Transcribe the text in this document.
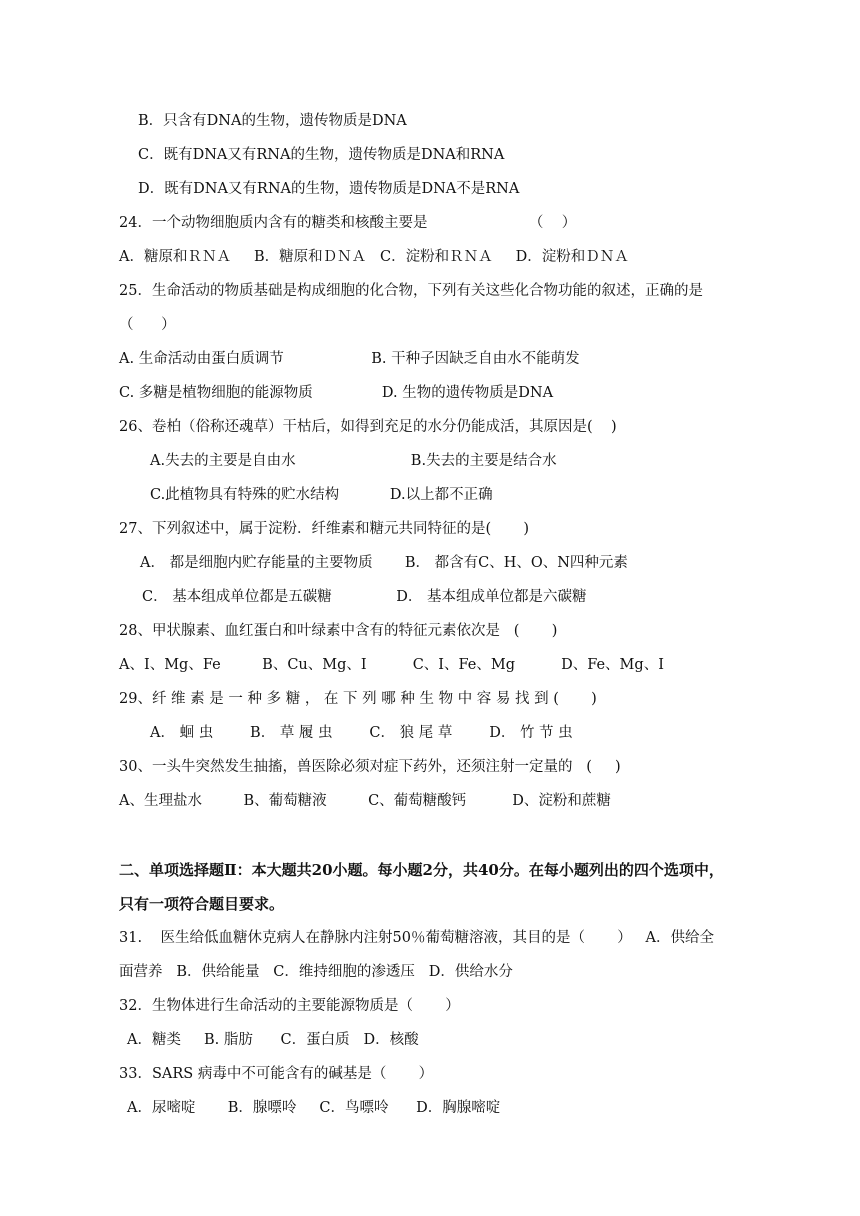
B．只含有DNA的生物，遗传物质是DNA
C．既有DNA又有RNA的生物，遗传物质是DNA和RNA
D．既有DNA又有RNA的生物，遗传物质是DNA不是RNA
24．一个动物细胞质内含有的糖类和核酸主要是                      （    ）
A．糖原和ＲＮＡ     B．糖原和ＤＮＡ   C．淀粉和ＲＮＡ     D．淀粉和ＤＮＡ
25．生命活动的物质基础是构成细胞的化合物，下列有关这些化合物功能的叙述，正确的是
（      ）
A. 生命活动由蛋白质调节                   B. 干种子因缺乏自由水不能萌发
C. 多糖是植物细胞的能源物质               D. 生物的遗传物质是DNA
26、卷柏（俗称还魂草）干枯后，如得到充足的水分仍能成活，其原因是(    )
A.失去的主要是自由水                         B.失去的主要是结合水
C.此植物具有特殊的贮水结构           D.以上都不正确
27、下列叙述中，属于淀粉．纤维素和糖元共同特征的是(       )
A． 都是细胞内贮存能量的主要物质       B． 都含有C、H、O、N四种元素
C． 基本组成单位都是五碳糖              D． 基本组成单位都是六碳糖
28、甲状腺素、血红蛋白和叶绿素中含有的特征元素依次是   (       )
A、I、Mg、Fe         B、Cu、Mg、I          C、I、Fe、Mg          D、Fe、Mg、I
29、纤 维 素 是 一 种 多 糖 ， 在 下 列 哪 种 生 物 中 容 易 找 到 (       )
A． 蛔 虫        B． 草 履 虫        C． 狼 尾 草        D． 竹 节 虫
30、一头牛突然发生抽搐，兽医除必须对症下药外，还须注射一定量的   (     )
A、生理盐水         B、葡萄糖液         C、葡萄糖酸钙          D、淀粉和蔗糖
二、单项选择题Ⅱ：本大题共20小题。每小题2分，共40分。在每小题列出的四个选项中，
只有一项符合题目要求。
31.    医生给低血糖休克病人在静脉内注射50％葡萄糖溶液，其目的是（       ）   A．供给全
面营养   B．供给能量   C．维持细胞的渗透压   D．供给水分
32．生物体进行生命活动的主要能源物质是（       ）
A．糖类     B. 脂肪      C．蛋白质   D．核酸
33．SARS 病毒中不可能含有的碱基是（       ）
A．尿嘧啶       B．腺嘌呤     C．鸟嘌呤      D．胸腺嘧啶
